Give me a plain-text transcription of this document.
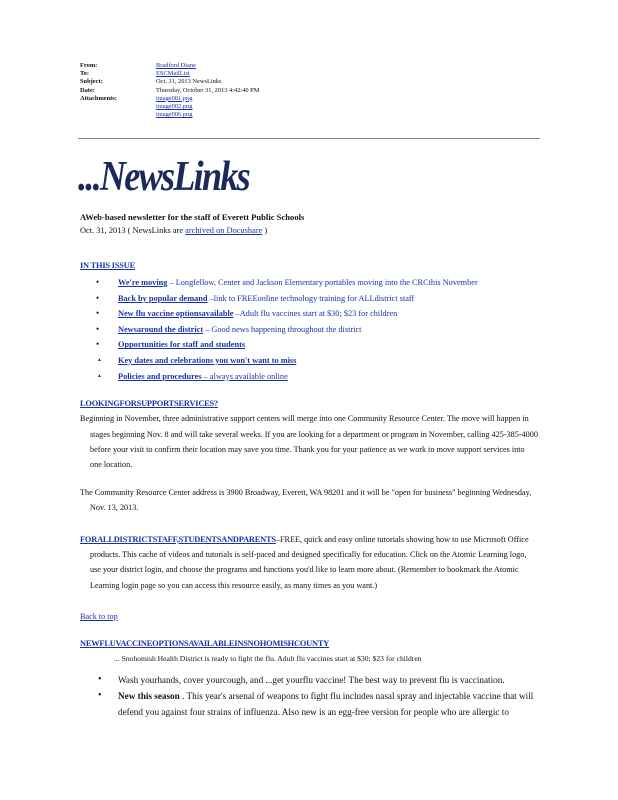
From:	Bradford Diane
To:	ESCMailList
Subject:	Oct. 31, 2013 NewsLinks
Date:	Thursday, October 31, 2013 4:42:40 PM
Attachments:	image001.png
image002.png
image006.png
...NewsLinks
AWeb-based newsletter for the staff of Everett Public Schools
Oct. 31, 2013 ( NewsLinks are archived on Docushare )
IN THIS ISSUE
• We're moving – Longfellow, Center and Jackson Elementary portables moving into the CRCthis November
• Back by popular demand –link to FREEonline technology training for ALLdistrict staff
• New flu vaccine optionsavailable –Adult flu vaccines start at $30; $23 for children
• Newsaround the district – Good news happening throughout the district
• Opportunities for staff and students
▲ Key dates and celebrations you won't want to miss
▲ Policies and procedures – always available online
LOOKINGFORSUPPORTSERVICES?

Beginning in November, three administrative support centers will merge into one Community Resource Center. The move will happen in stages beginning Nov. 8 and will take several weeks. If you are looking for a department or program in November, calling 425-385-4000 before your visit to confirm their location may save you time. Thank you for your patience as we work to move support services into one location.

The Community Resource Center address is 3900 Broadway, Everett, WA 98201 and it will be "open for business" beginning Wednesday, Nov. 13, 2013.

FORALLDISTRICTSTAFF,STUDENTSANDPARENTS–FREE, quick and easy online tutorials showing how to use Microsoft Office products. This cache of videos and tutorials is self-paced and designed specifically for education. Click on the Atomic Learning logo, use your district login, and choose the programs and functions you'd like to learn more about. (Remember to bookmark the Atomic Learning login page so you can access this resource easily, as many times as you want.)

Back to top
NEWFLUVACCINEOPTIONSAVAILABLEINSNOHOMISHCOUNTY
... Snohomish Health District is ready to fight the flu. Adult flu vaccines start at $30; $23 for children
• Wash yourhands, cover yourcough, and ...get yourflu vaccine! The best way to prevent flu is vaccination.
• New this season . This year's arsenal of weapons to fight flu includes nasal spray and injectable vaccine that will defend you against four strains of influenza. Also new is an egg-free version for people who are allergic to
